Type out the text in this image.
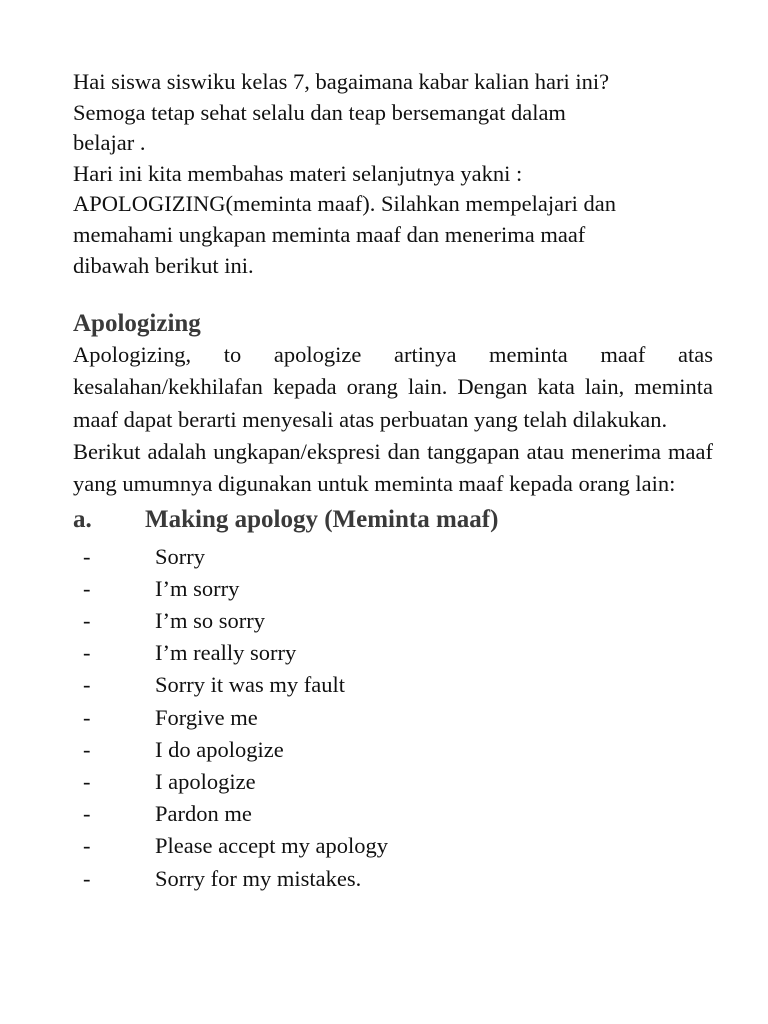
Hai siswa siswiku kelas 7, bagaimana kabar kalian hari ini?

Semoga tetap sehat selalu dan teap bersemangat dalam

belajar .

Hari ini kita membahas materi selanjutnya yakni :

APOLOGIZING(meminta maaf). Silahkan mempelajari dan

memahami ungkapan meminta maaf dan menerima maaf

dibawah berikut ini.

Apologizing

Apologizing, to apologize artinya meminta maaf atas kesalahan/kekhilafan kepada orang lain. Dengan kata lain, meminta maaf dapat berarti menyesali atas perbuatan yang telah dilakukan.

Berikut adalah ungkapan/ekspresi dan tanggapan atau menerima maaf yang umumnya digunakan untuk meminta maaf kepada orang lain:

a.	Making apology (Meminta maaf)
-	Sorry
-	I’m sorry
-	I’m so sorry
-	I’m really sorry
-	Sorry it was my fault
-	Forgive me
-	I do apologize
-	I apologize
-	Pardon me
-	Please accept my apology
-	Sorry for my mistakes.
